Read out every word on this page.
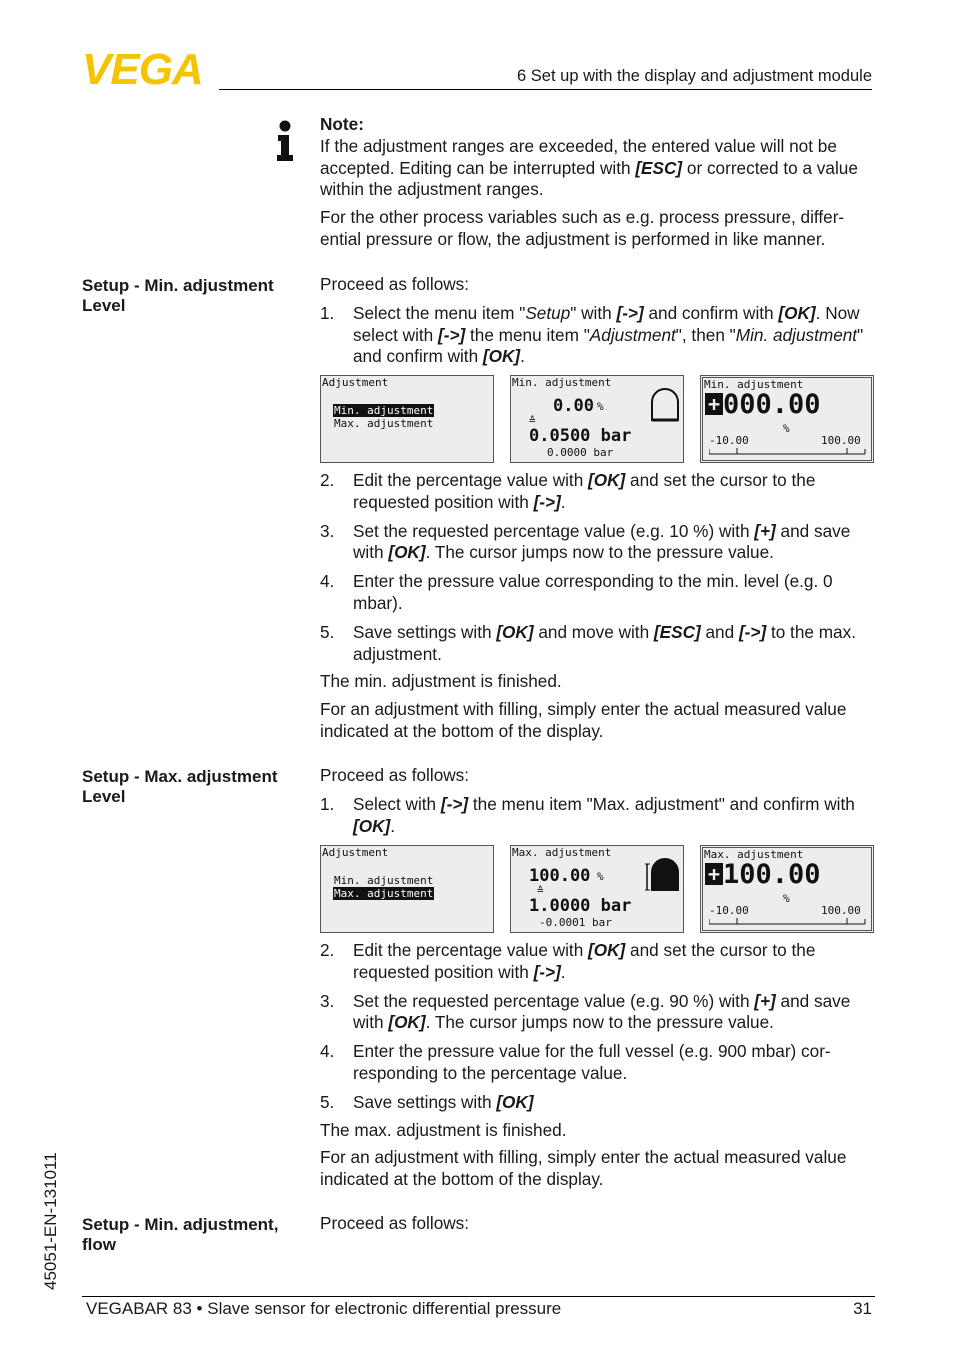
VEGA	6 Set up with the display and adjustment module

Note:

If the adjustment ranges are exceeded, the entered value will not be accepted. Editing can be interrupted with [ESC] or corrected to a value within the adjustment ranges.

For the other process variables such as e.g. process pressure, differ-ential pressure or flow, the adjustment is performed in like manner.

Setup - Min. adjustment
Level

Proceed as follows:

1. Select the menu item "Setup" with [->] and confirm with [OK]. Now select with [->] the menu item "Adjustment", then "Min. adjustment" and confirm with [OK].
Adjustment
Min. adjustment
Max. adjustment
Min. adjustment
0.00 %
≙
0.0500 bar
0.0000 bar
Min. adjustment
+ 000.00
%
-10.00	100.00
2. Edit the percentage value with [OK] and set the cursor to the requested position with [->].
3. Set the requested percentage value (e.g. 10 %) with [+] and save with [OK]. The cursor jumps now to the pressure value.
4. Enter the pressure value corresponding to the min. level (e.g. 0 mbar).
5. Save settings with [OK] and move with [ESC] and [->] to the max. adjustment.

The min. adjustment is finished.

For an adjustment with filling, simply enter the actual measured value indicated at the bottom of the display.

Setup - Max. adjustment
Level

Proceed as follows:

1. Select with [->] the menu item "Max. adjustment" and confirm with [OK].
Adjustment
Min. adjustment
Max. adjustment
Max. adjustment
100.00 %
≙
1.0000 bar
-0.0001 bar
Max. adjustment
+ 100.00
%
-10.00	100.00
2. Edit the percentage value with [OK] and set the cursor to the requested position with [->].
3. Set the requested percentage value (e.g. 90 %) with [+] and save with [OK]. The cursor jumps now to the pressure value.
4. Enter the pressure value for the full vessel (e.g. 900 mbar) cor-responding to the percentage value.
5. Save settings with [OK]

The max. adjustment is finished.

For an adjustment with filling, simply enter the actual measured value indicated at the bottom of the display.

Setup - Min. adjustment,
flow
Proceed as follows:
45051-EN-131011
VEGABAR 83 • Slave sensor for electronic differential pressure	31
